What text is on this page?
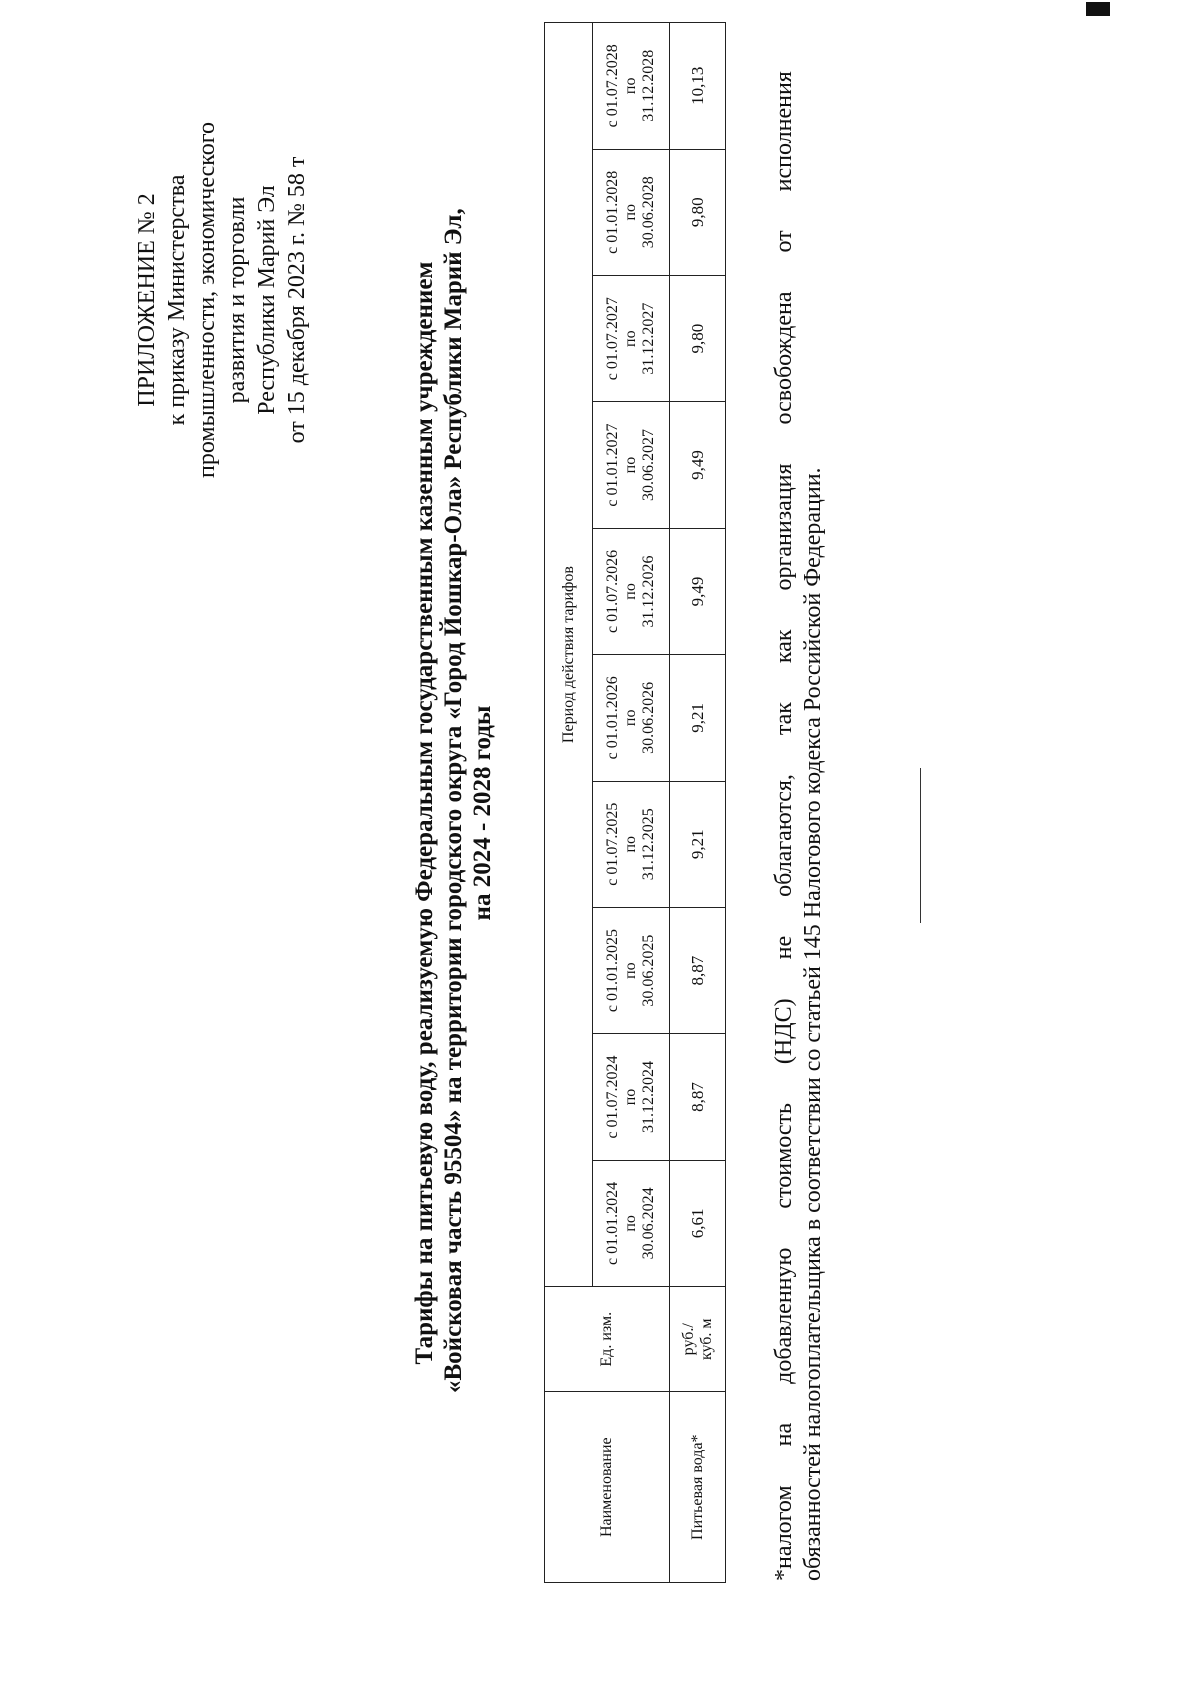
ПРИЛОЖЕНИЕ № 2 к приказу Министерства промышленности, экономического развития и торговли Республики Марий Эл от 15 декабря 2023 г. № 58 т	Тарифы на питьевую воду, реализуемую Федеральным государственным казенным учреждением «Войсковая часть 95504» на территории городского округа «Город Йошкар-Ола» Республики Марий Эл, на 2024 - 2028 годы
Наименование	Ед. изм.	Период действия тарифов									

		с 01.01.2024 по 30.06.2024	с 01.07.2024 по 31.12.2024	с 01.01.2025 по 30.06.2025	с 01.07.2025 по 31.12.2025	с 01.01.2026 по 30.06.2026	с 01.07.2026 по 31.12.2026	с 01.01.2027 по 30.06.2027	с 01.07.2027 по 31.12.2027	с 01.01.2028 по 30.06.2028	с 01.07.2028 по 31.12.2028

Питьевая вода*	руб./ куб. м	6,61	8,87	8,87	9,21	9,21	9,49	9,49	9,80	9,80	10,13
*налогом
на
добавленную
стоимость
(НДС)
не
облагаются,
так
как
организация
освобождена
от
исполнения
обязанностей налогоплательщика в соответствии со статьей 145 Налогового кодекса Российской Федерации.
